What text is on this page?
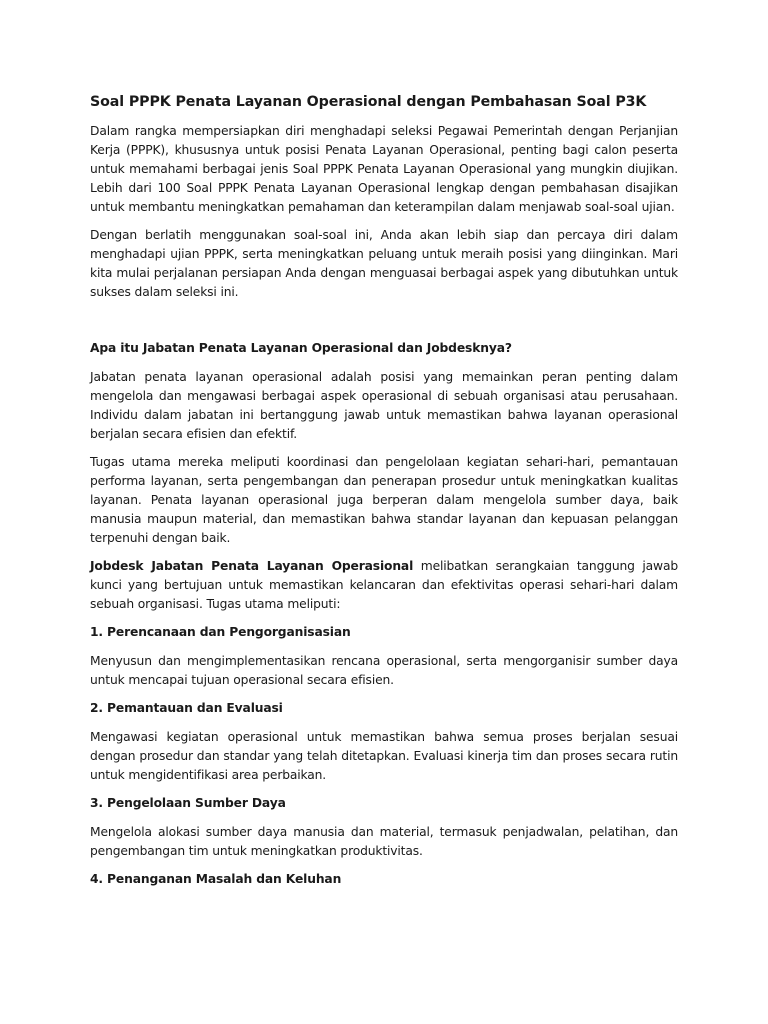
Soal PPPK Penata Layanan Operasional dengan Pembahasan Soal P3K

Dalam rangka mempersiapkan diri menghadapi seleksi Pegawai Pemerintah dengan Perjanjian Kerja (PPPK), khususnya untuk posisi Penata Layanan Operasional, penting bagi calon peserta untuk memahami berbagai jenis Soal PPPK Penata Layanan Operasional yang mungkin diujikan. Lebih dari 100 Soal PPPK Penata Layanan Operasional lengkap dengan pembahasan disajikan untuk membantu meningkatkan pemahaman dan keterampilan dalam menjawab soal-soal ujian.

Dengan berlatih menggunakan soal-soal ini, Anda akan lebih siap dan percaya diri dalam menghadapi ujian PPPK, serta meningkatkan peluang untuk meraih posisi yang diinginkan. Mari kita mulai perjalanan persiapan Anda dengan menguasai berbagai aspek yang dibutuhkan untuk sukses dalam seleksi ini.

Apa itu Jabatan Penata Layanan Operasional dan Jobdesknya?

Jabatan penata layanan operasional adalah posisi yang memainkan peran penting dalam mengelola dan mengawasi berbagai aspek operasional di sebuah organisasi atau perusahaan. Individu dalam jabatan ini bertanggung jawab untuk memastikan bahwa layanan operasional berjalan secara efisien dan efektif.

Tugas utama mereka meliputi koordinasi dan pengelolaan kegiatan sehari-hari, pemantauan performa layanan, serta pengembangan dan penerapan prosedur untuk meningkatkan kualitas layanan. Penata layanan operasional juga berperan dalam mengelola sumber daya, baik manusia maupun material, dan memastikan bahwa standar layanan dan kepuasan pelanggan terpenuhi dengan baik.

Jobdesk Jabatan Penata Layanan Operasional melibatkan serangkaian tanggung jawab kunci yang bertujuan untuk memastikan kelancaran dan efektivitas operasi sehari-hari dalam sebuah organisasi. Tugas utama meliputi:

1. Perencanaan dan Pengorganisasian

Menyusun dan mengimplementasikan rencana operasional, serta mengorganisir sumber daya untuk mencapai tujuan operasional secara efisien.

2. Pemantauan dan Evaluasi

Mengawasi kegiatan operasional untuk memastikan bahwa semua proses berjalan sesuai dengan prosedur dan standar yang telah ditetapkan. Evaluasi kinerja tim dan proses secara rutin untuk mengidentifikasi area perbaikan.

3. Pengelolaan Sumber Daya

Mengelola alokasi sumber daya manusia dan material, termasuk penjadwalan, pelatihan, dan pengembangan tim untuk meningkatkan produktivitas.

4. Penanganan Masalah dan Keluhan
